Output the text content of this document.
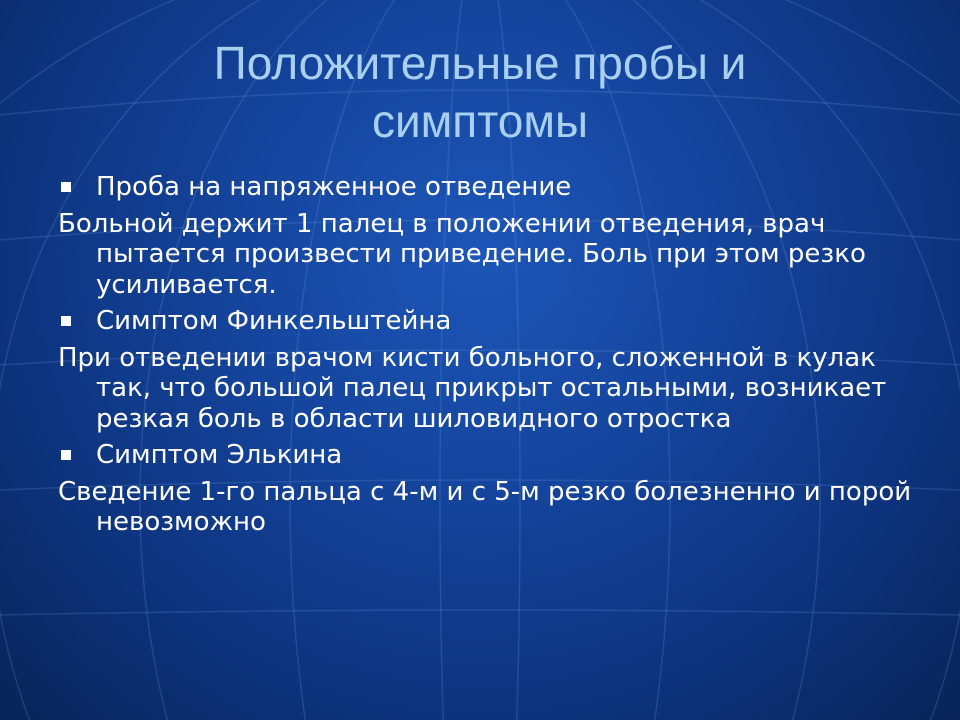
Положительные пробы и
симптомы
Проба на напряженное отведение
Больной держит 1 палец в положении отведения, врач пытается произвести приведение. Боль при этом резко усиливается.
Симптом Финкельштейна
При отведении врачом кисти больного, сложенной в кулак так, что большой палец прикрыт остальными, возникает резкая боль в области шиловидного отростка
Симптом Элькина
Сведение 1-го пальца с 4-м и с 5-м резко болезненно и порой невозможно
